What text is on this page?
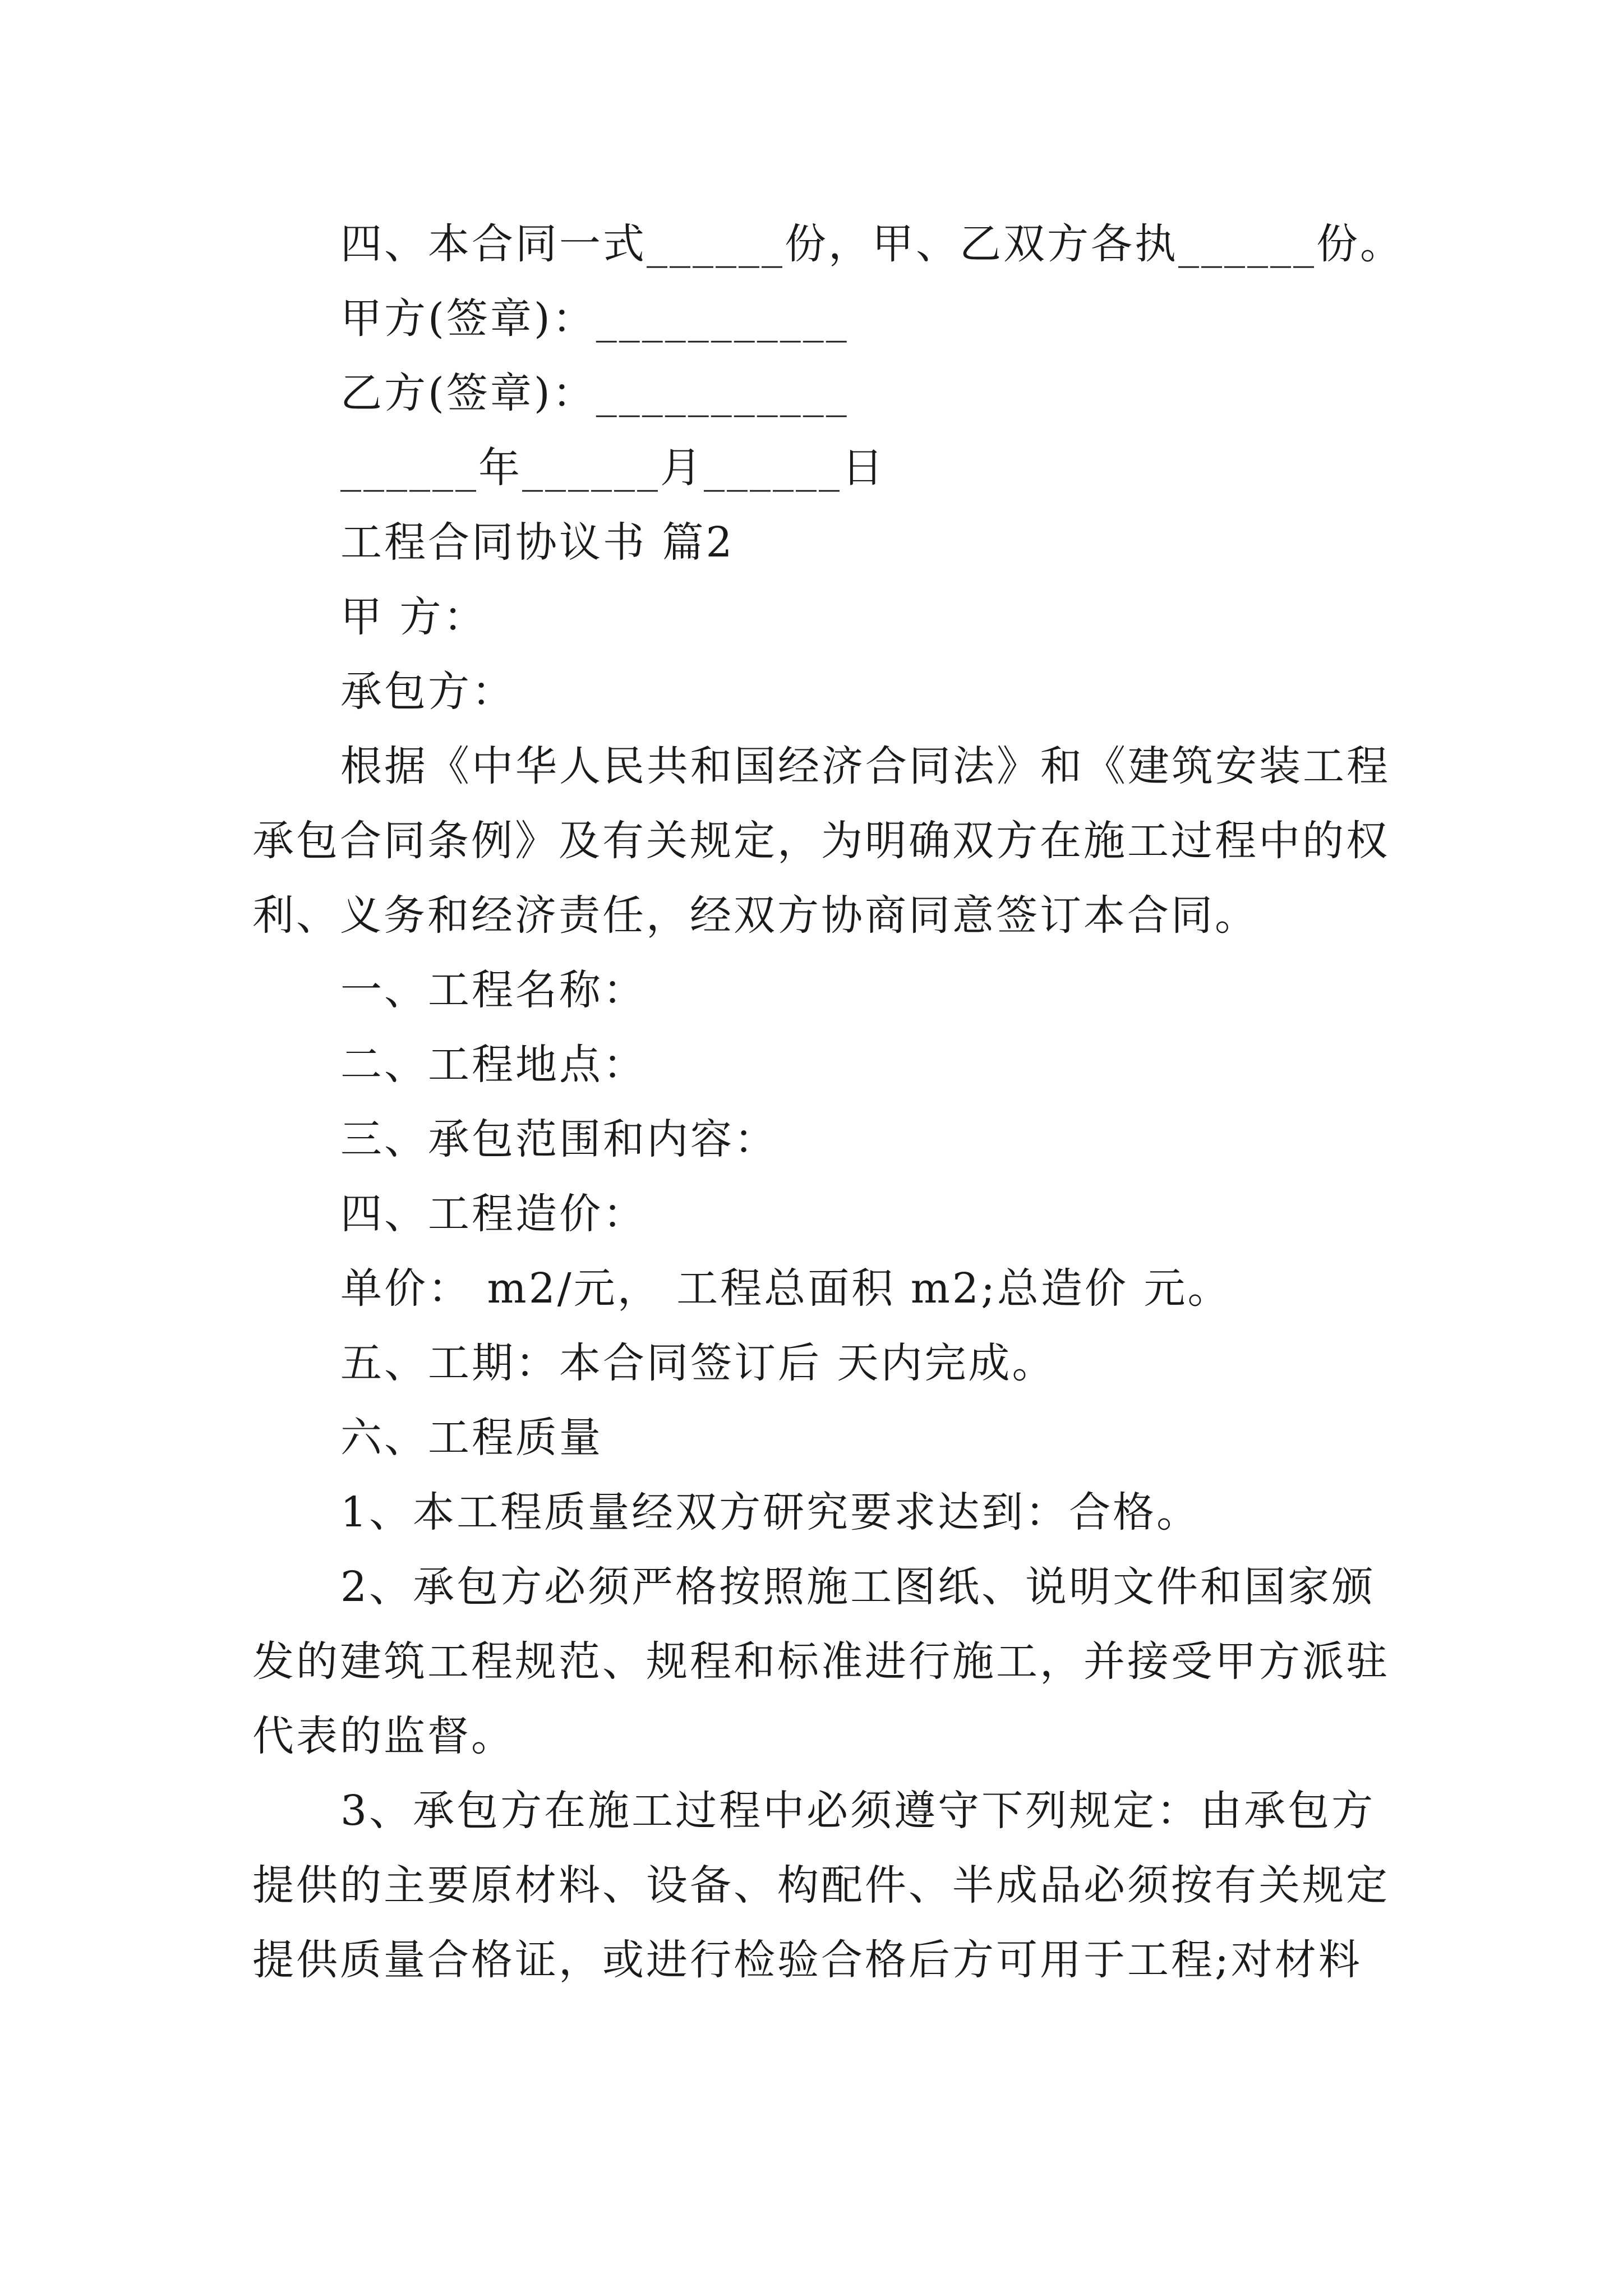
四、本合同一式______份，甲、乙双方各执______份。
甲方(签章)：___________
乙方(签章)：___________
______年______月______日
工程合同协议书 篇2
甲 方：
承包方：
根据《中华人民共和国经济合同法》和《建筑安装工程
承包合同条例》及有关规定，为明确双方在施工过程中的权
利、义务和经济责任，经双方协商同意签订本合同。
一、工程名称：
二、工程地点：
三、承包范围和内容：
四、工程造价：
单价： m2/元， 工程总面积 m2;总造价 元。
五、工期：本合同签订后 天内完成。
六、工程质量
1、本工程质量经双方研究要求达到：合格。
2、承包方必须严格按照施工图纸、说明文件和国家颁
发的建筑工程规范、规程和标准进行施工，并接受甲方派驻
代表的监督。
3、承包方在施工过程中必须遵守下列规定：由承包方
提供的主要原材料、设备、构配件、半成品必须按有关规定
提供质量合格证，或进行检验合格后方可用于工程;对材料
